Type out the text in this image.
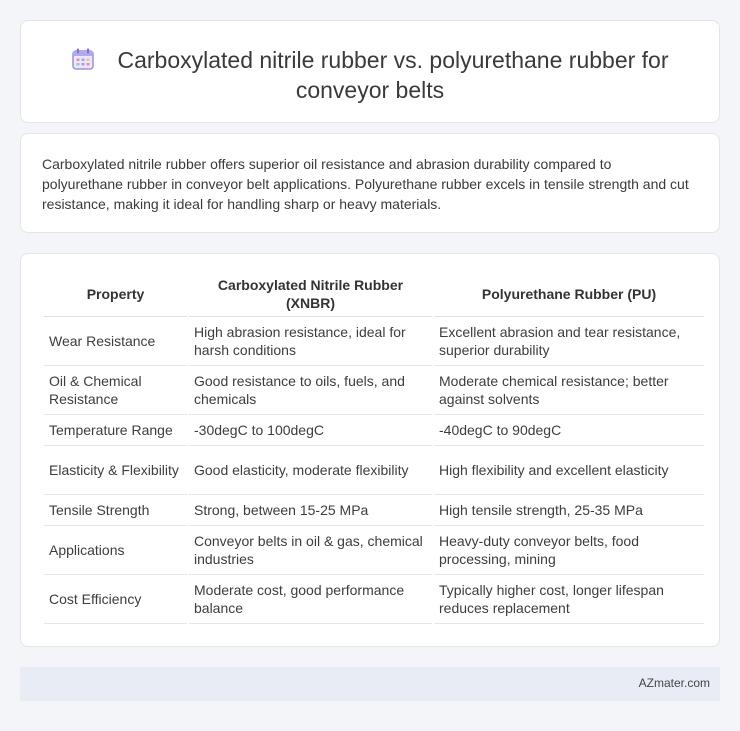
Carboxylated nitrile rubber vs. polyurethane rubber for conveyor belts

Carboxylated nitrile rubber offers superior oil resistance and abrasion durability compared to polyurethane rubber in conveyor belt applications. Polyurethane rubber excels in tensile strength and cut resistance, making it ideal for handling sharp or heavy materials.

Property	Carboxylated Nitrile Rubber (XNBR)	Polyurethane Rubber (PU)
Wear Resistance	High abrasion resistance, ideal for harsh conditions	Excellent abrasion and tear resistance, superior durability
Oil & Chemical Resistance	Good resistance to oils, fuels, and chemicals	Moderate chemical resistance; better against solvents
Temperature Range	-30degC to 100degC	-40degC to 90degC
Elasticity & Flexibility	Good elasticity, moderate flexibility	High flexibility and excellent elasticity
Tensile Strength	Strong, between 15-25 MPa	High tensile strength, 25-35 MPa
Applications	Conveyor belts in oil & gas, chemical industries	Heavy-duty conveyor belts, food processing, mining
Cost Efficiency	Moderate cost, good performance balance	Typically higher cost, longer lifespan reduces replacement
AZmater.com
